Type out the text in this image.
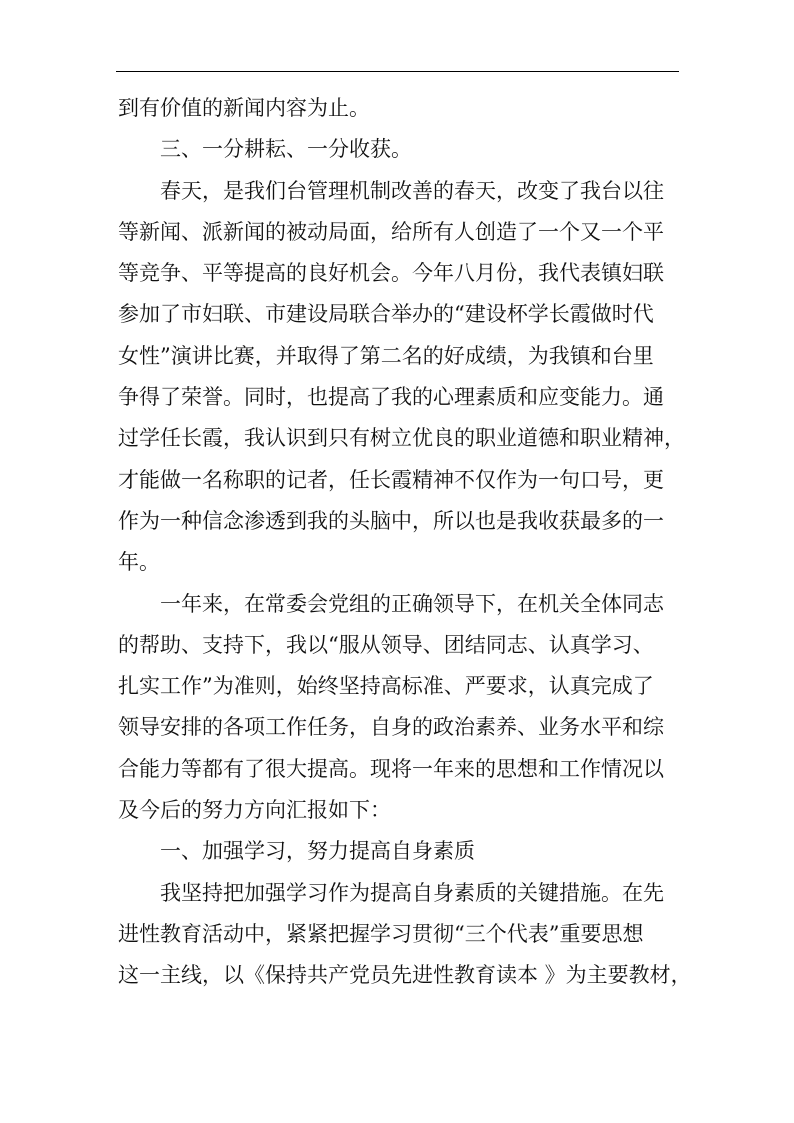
到有价值的新闻内容为止。
三、一分耕耘、一分收获。
春天，是我们台管理机制改善的春天，改变了我台以往
等新闻、派新闻的被动局面，给所有人创造了一个又一个平
等竞争、平等提高的良好机会。今年八月份，我代表镇妇联
参加了市妇联、市建设局联合举办的“建设杯学长霞做时代
女性”演讲比赛，并取得了第二名的好成绩，为我镇和台里
争得了荣誉。同时，也提高了我的心理素质和应变能力。通
过学任长霞，我认识到只有树立优良的职业道德和职业精神，
才能做一名称职的记者，任长霞精神不仅作为一句口号，更
作为一种信念渗透到我的头脑中，所以也是我收获最多的一
年。
一年来，在常委会党组的正确领导下，在机关全体同志
的帮助、支持下，我以“服从领导、团结同志、认真学习、
扎实工作”为准则，始终坚持高标准、严要求，认真完成了
领导安排的各项工作任务，自身的政治素养、业务水平和综
合能力等都有了很大提高。现将一年来的思想和工作情况以
及今后的努力方向汇报如下：
一、加强学习，努力提高自身素质
我坚持把加强学习作为提高自身素质的关键措施。在先
进性教育活动中，紧紧把握学习贯彻“三个代表”重要思想
这一主线，以《保持共产党员先进性教育读本 》为主要教材，
